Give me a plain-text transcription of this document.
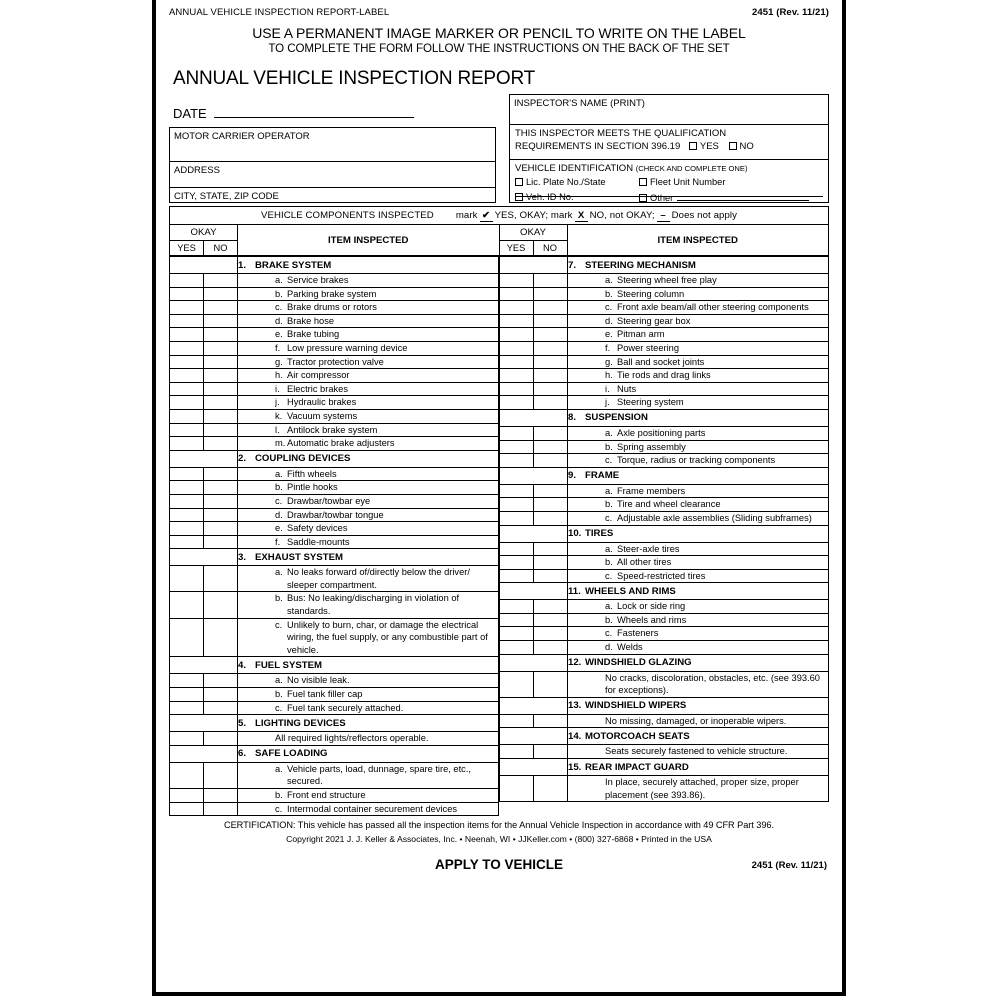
ANNUAL VEHICLE INSPECTION REPORT-LABEL	2451 (Rev. 11/21)
USE A PERMANENT IMAGE MARKER OR PENCIL TO WRITE ON THE LABEL
TO COMPLETE THE FORM FOLLOW THE INSTRUCTIONS ON THE BACK OF THE SET
ANNUAL VEHICLE INSPECTION REPORT
DATE
MOTOR CARRIER OPERATOR
ADDRESS
CITY, STATE, ZIP CODE
INSPECTOR'S NAME (PRINT)
THIS INSPECTOR MEETS THE QUALIFICATION
REQUIREMENTS IN SECTION 396.19 YES NO
VEHICLE IDENTIFICATION (CHECK AND COMPLETE ONE)
Lic. Plate No./State	Fleet Unit Number
Veh. ID No.	Other
VEHICLE COMPONENTS INSPECTED mark ✔ YES, OKAY; mark X NO, not OKAY; – Does not apply					
OKAY		ITEM INSPECTED	OKAY		ITEM INSPECTED
YES	NO		YES	NO	
		1. BRAKE SYSTEM

		a. Service brakes

		b. Parking brake system

		c. Brake drums or rotors

		d. Brake hose

		e. Brake tubing

		f. Low pressure warning device

		g. Tractor protection valve

		h. Air compressor

		i. Electric brakes

		j. Hydraulic brakes

		k. Vacuum systems

		l. Antilock brake system

		m. Automatic brake adjusters

		2. COUPLING DEVICES

		a. Fifth wheels

		b. Pintle hooks

		c. Drawbar/towbar eye

		d. Drawbar/towbar tongue

		e. Safety devices

		f. Saddle-mounts

		3. EXHAUST SYSTEM

		a. No leaks forward of/directly below the driver/ sleeper compartment.

		b. Bus: No leaking/discharging in violation of standards.

		c. Unlikely to burn, char, or damage the electrical wiring, the fuel supply, or any combustible part of vehicle.

		4. FUEL SYSTEM

		a. No visible leak.

		b. Fuel tank filler cap

		c. Fuel tank securely attached.

		5. LIGHTING DEVICES

		All required lights/reflectors operable.

		6. SAFE LOADING

		a. Vehicle parts, load, dunnage, spare tire, etc., secured.

		b. Front end structure

		c. Intermodal container securement devices
		7. STEERING MECHANISM

		a. Steering wheel free play

		b. Steering column

		c. Front axle beam/all other steering components

		d. Steering gear box

		e. Pitman arm

		f. Power steering

		g. Ball and socket joints

		h. Tie rods and drag links

		i. Nuts

		j. Steering system

		8. SUSPENSION

		a. Axle positioning parts

		b. Spring assembly

		c. Torque, radius or tracking components

		9. FRAME

		a. Frame members

		b. Tire and wheel clearance

		c. Adjustable axle assemblies (Sliding subframes)

		10. TIRES

		a. Steer-axle tires

		b. All other tires

		c. Speed-restricted tires

		11. WHEELS AND RIMS

		a. Lock or side ring

		b. Wheels and rims

		c. Fasteners

		d. Welds

		12. WINDSHIELD GLAZING

		No cracks, discoloration, obstacles, etc. (see 393.60 for exceptions).

		13. WINDSHIELD WIPERS

		No missing, damaged, or inoperable wipers.

		14. MOTORCOACH SEATS

		Seats securely fastened to vehicle structure.

		15. REAR IMPACT GUARD

		In place, securely attached, proper size, proper placement (see 393.86).
CERTIFICATION: This vehicle has passed all the inspection items for the Annual Vehicle Inspection in accordance with 49 CFR Part 396.
Copyright 2021 J. J. Keller & Associates, Inc. • Neenah, WI • JJKeller.com • (800) 327-6868 • Printed in the USA
APPLY TO VEHICLE	2451 (Rev. 11/21)
